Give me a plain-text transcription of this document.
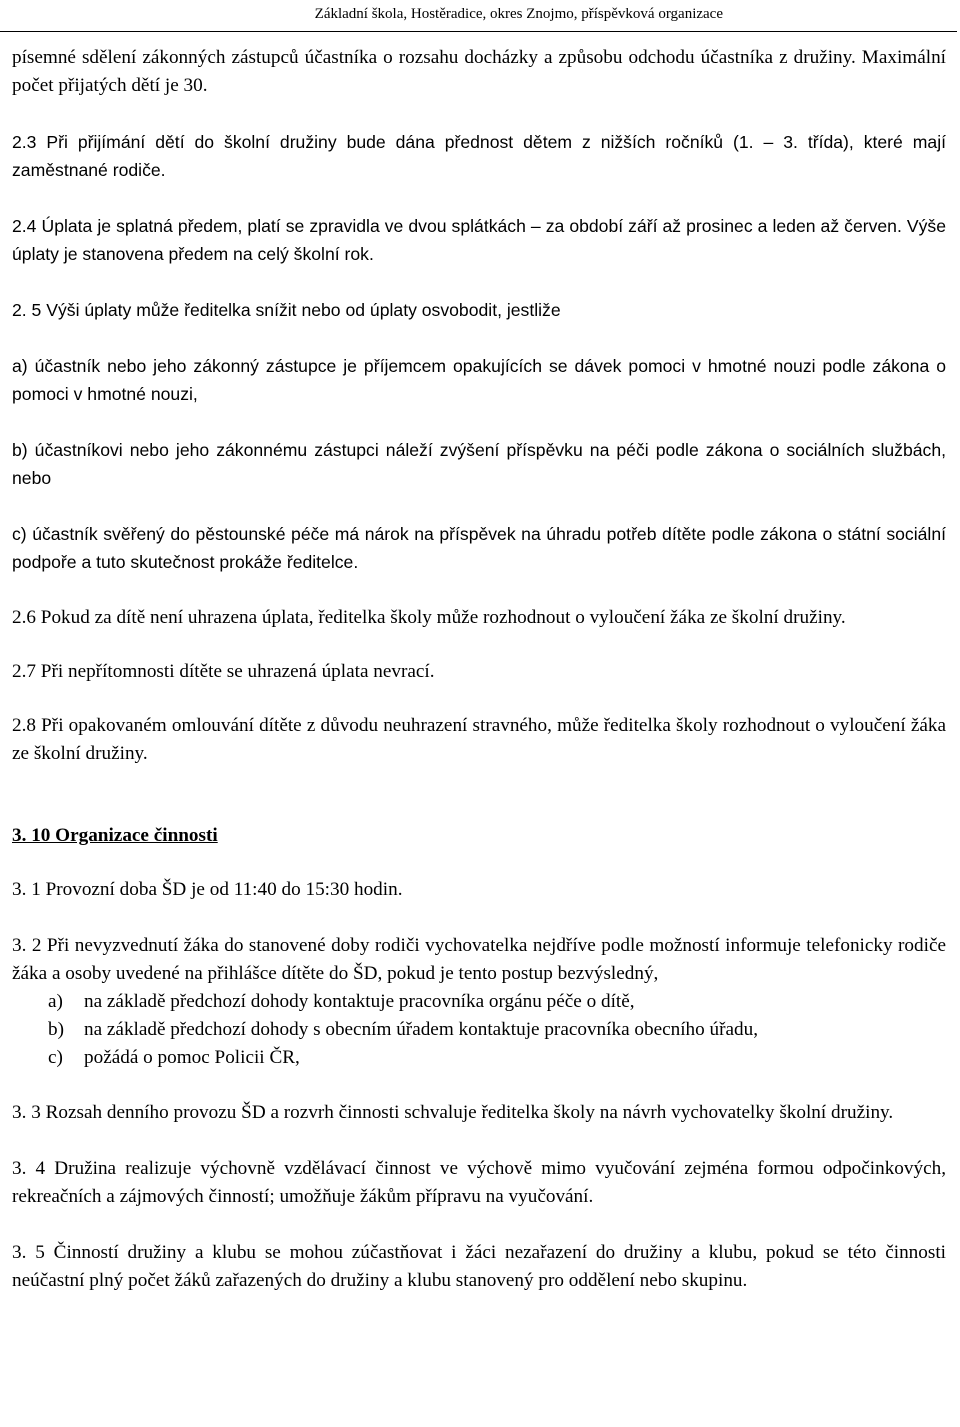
Základní škola, Hostěradice, okres Znojmo, příspěvková organizace

písemné sdělení zákonných zástupců účastníka o rozsahu docházky a způsobu odchodu účastníka z družiny. Maximální počet přijatých dětí je 30.

2.3 Při přijímání dětí do školní družiny bude dána přednost dětem z nižších ročníků (1. – 3. třída), které mají zaměstnané rodiče.

2.4 Úplata je splatná předem, platí se zpravidla ve dvou splátkách – za období září až prosinec a leden až červen. Výše úplaty je stanovena předem na celý školní rok.

2. 5 Výši úplaty může ředitelka snížit nebo od úplaty osvobodit, jestliže

a) účastník nebo jeho zákonný zástupce je příjemcem opakujících se dávek pomoci v hmotné nouzi podle zákona o pomoci v hmotné nouzi,

b) účastníkovi nebo jeho zákonnému zástupci náleží zvýšení příspěvku na péči podle zákona o sociálních službách, nebo

c) účastník svěřený do pěstounské péče má nárok na příspěvek na úhradu potřeb dítěte podle zákona o státní sociální podpoře a tuto skutečnost prokáže ředitelce.

2.6 Pokud za dítě není uhrazena úplata, ředitelka školy může rozhodnout o vyloučení žáka ze školní družiny.

2.7 Při nepřítomnosti dítěte se uhrazená úplata nevrací.

2.8 Při opakovaném omlouvání dítěte z důvodu neuhrazení stravného, může ředitelka školy rozhodnout o vyloučení žáka ze školní družiny.

3. 10 Organizace činnosti

3. 1 Provozní doba ŠD je od 11:40 do 15:30 hodin.

3. 2 Při nevyzvednutí žáka do stanovené doby rodiči vychovatelka nejdříve podle možností informuje telefonicky rodiče žáka a osoby uvedené na přihlášce dítěte do ŠD, pokud je tento postup bezvýsledný,

a) na základě předchozí dohody kontaktuje pracovníka orgánu péče o dítě,
b) na základě předchozí dohody s obecním úřadem kontaktuje pracovníka obecního úřadu,
c) požádá o pomoc Policii ČR,

3. 3 Rozsah denního provozu ŠD a rozvrh činnosti schvaluje ředitelka školy na návrh vychovatelky školní družiny.

3. 4 Družina realizuje výchovně vzdělávací činnost ve výchově mimo vyučování zejména formou odpočinkových, rekreačních a zájmových činností; umožňuje žákům přípravu na vyučování.

3. 5 Činností družiny a klubu se mohou zúčastňovat i žáci nezařazení do družiny a klubu, pokud se této činnosti neúčastní plný počet žáků zařazených do družiny a klubu stanovený pro oddělení nebo skupinu.
